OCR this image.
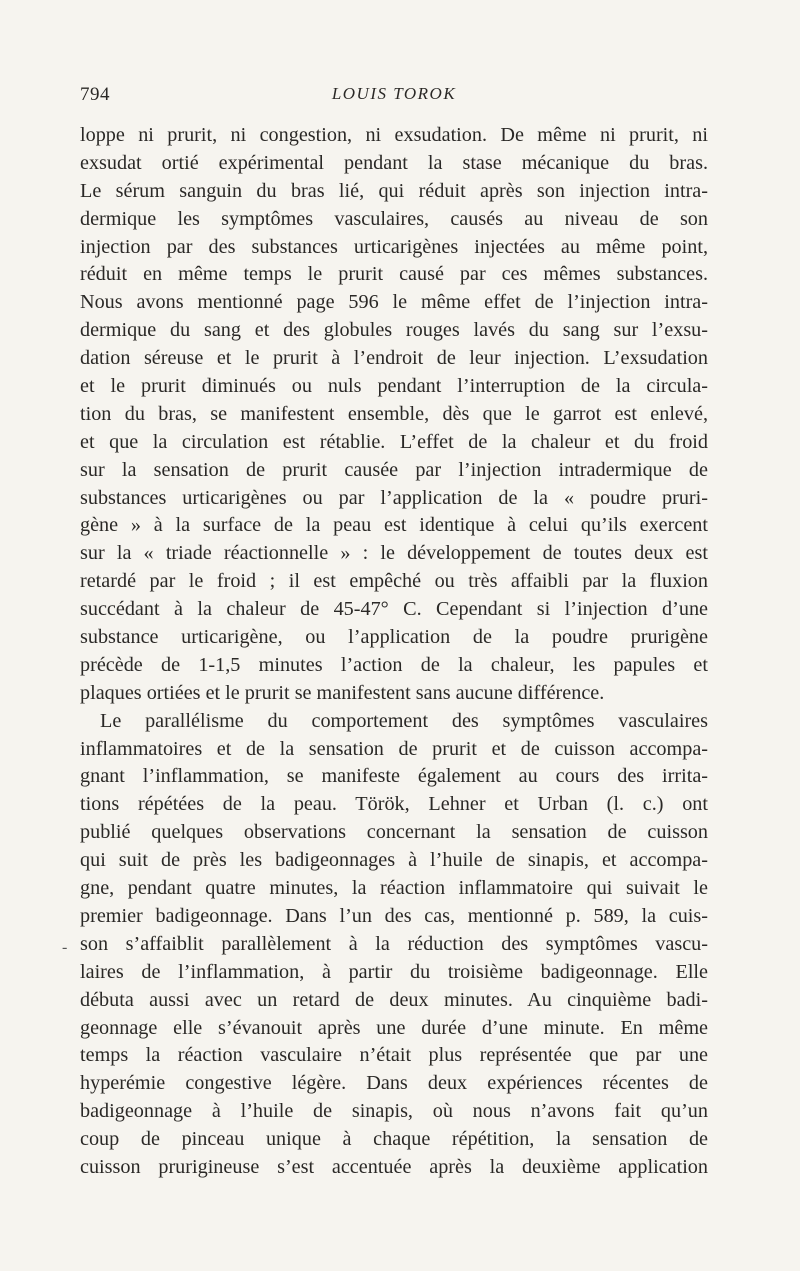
794	LOUIS TOROK
-
loppe ni prurit, ni congestion, ni exsudation. De même ni prurit, ni
exsudat ortié expérimental pendant la stase mécanique du bras.
Le sérum sanguin du bras lié, qui réduit après son injection intra-
dermique les symptômes vasculaires, causés au niveau de son
injection par des substances urticarigènes injectées au même point,
réduit en même temps le prurit causé par ces mêmes substances.
Nous avons mentionné page 596 le même effet de l’injection intra-
dermique du sang et des globules rouges lavés du sang sur l’exsu-
dation séreuse et le prurit à l’endroit de leur injection. L’exsudation
et le prurit diminués ou nuls pendant l’interruption de la circula-
tion du bras, se manifestent ensemble, dès que le garrot est enlevé,
et que la circulation est rétablie. L’effet de la chaleur et du froid
sur la sensation de prurit causée par l’injection intradermique de
substances urticarigènes ou par l’application de la « poudre pruri-
gène » à la surface de la peau est identique à celui qu’ils exercent
sur la « triade réactionnelle » : le développement de toutes deux est
retardé par le froid ; il est empêché ou très affaibli par la fluxion
succédant à la chaleur de 45-47° C. Cependant si l’injection d’une
substance urticarigène, ou l’application de la poudre prurigène
précède de 1-1,5 minutes l’action de la chaleur, les papules et
plaques ortiées et le prurit se manifestent sans aucune différence.
Le parallélisme du comportement des symptômes vasculaires
inflammatoires et de la sensation de prurit et de cuisson accompa-
gnant l’inflammation, se manifeste également au cours des irrita-
tions répétées de la peau. Török, Lehner et Urban (l. c.) ont
publié quelques observations concernant la sensation de cuisson
qui suit de près les badigeonnages à l’huile de sinapis, et accompa-
gne, pendant quatre minutes, la réaction inflammatoire qui suivait le
premier badigeonnage. Dans l’un des cas, mentionné p. 589, la cuis-
son s’affaiblit parallèlement à la réduction des symptômes vascu-
laires de l’inflammation, à partir du troisième badigeonnage. Elle
débuta aussi avec un retard de deux minutes. Au cinquième badi-
geonnage elle s’évanouit après une durée d’une minute. En même
temps la réaction vasculaire n’était plus représentée que par une
hyperémie congestive légère. Dans deux expériences récentes de
badigeonnage à l’huile de sinapis, où nous n’avons fait qu’un
coup de pinceau unique à chaque répétition, la sensation de
cuisson prurigineuse s’est accentuée après la deuxième application
